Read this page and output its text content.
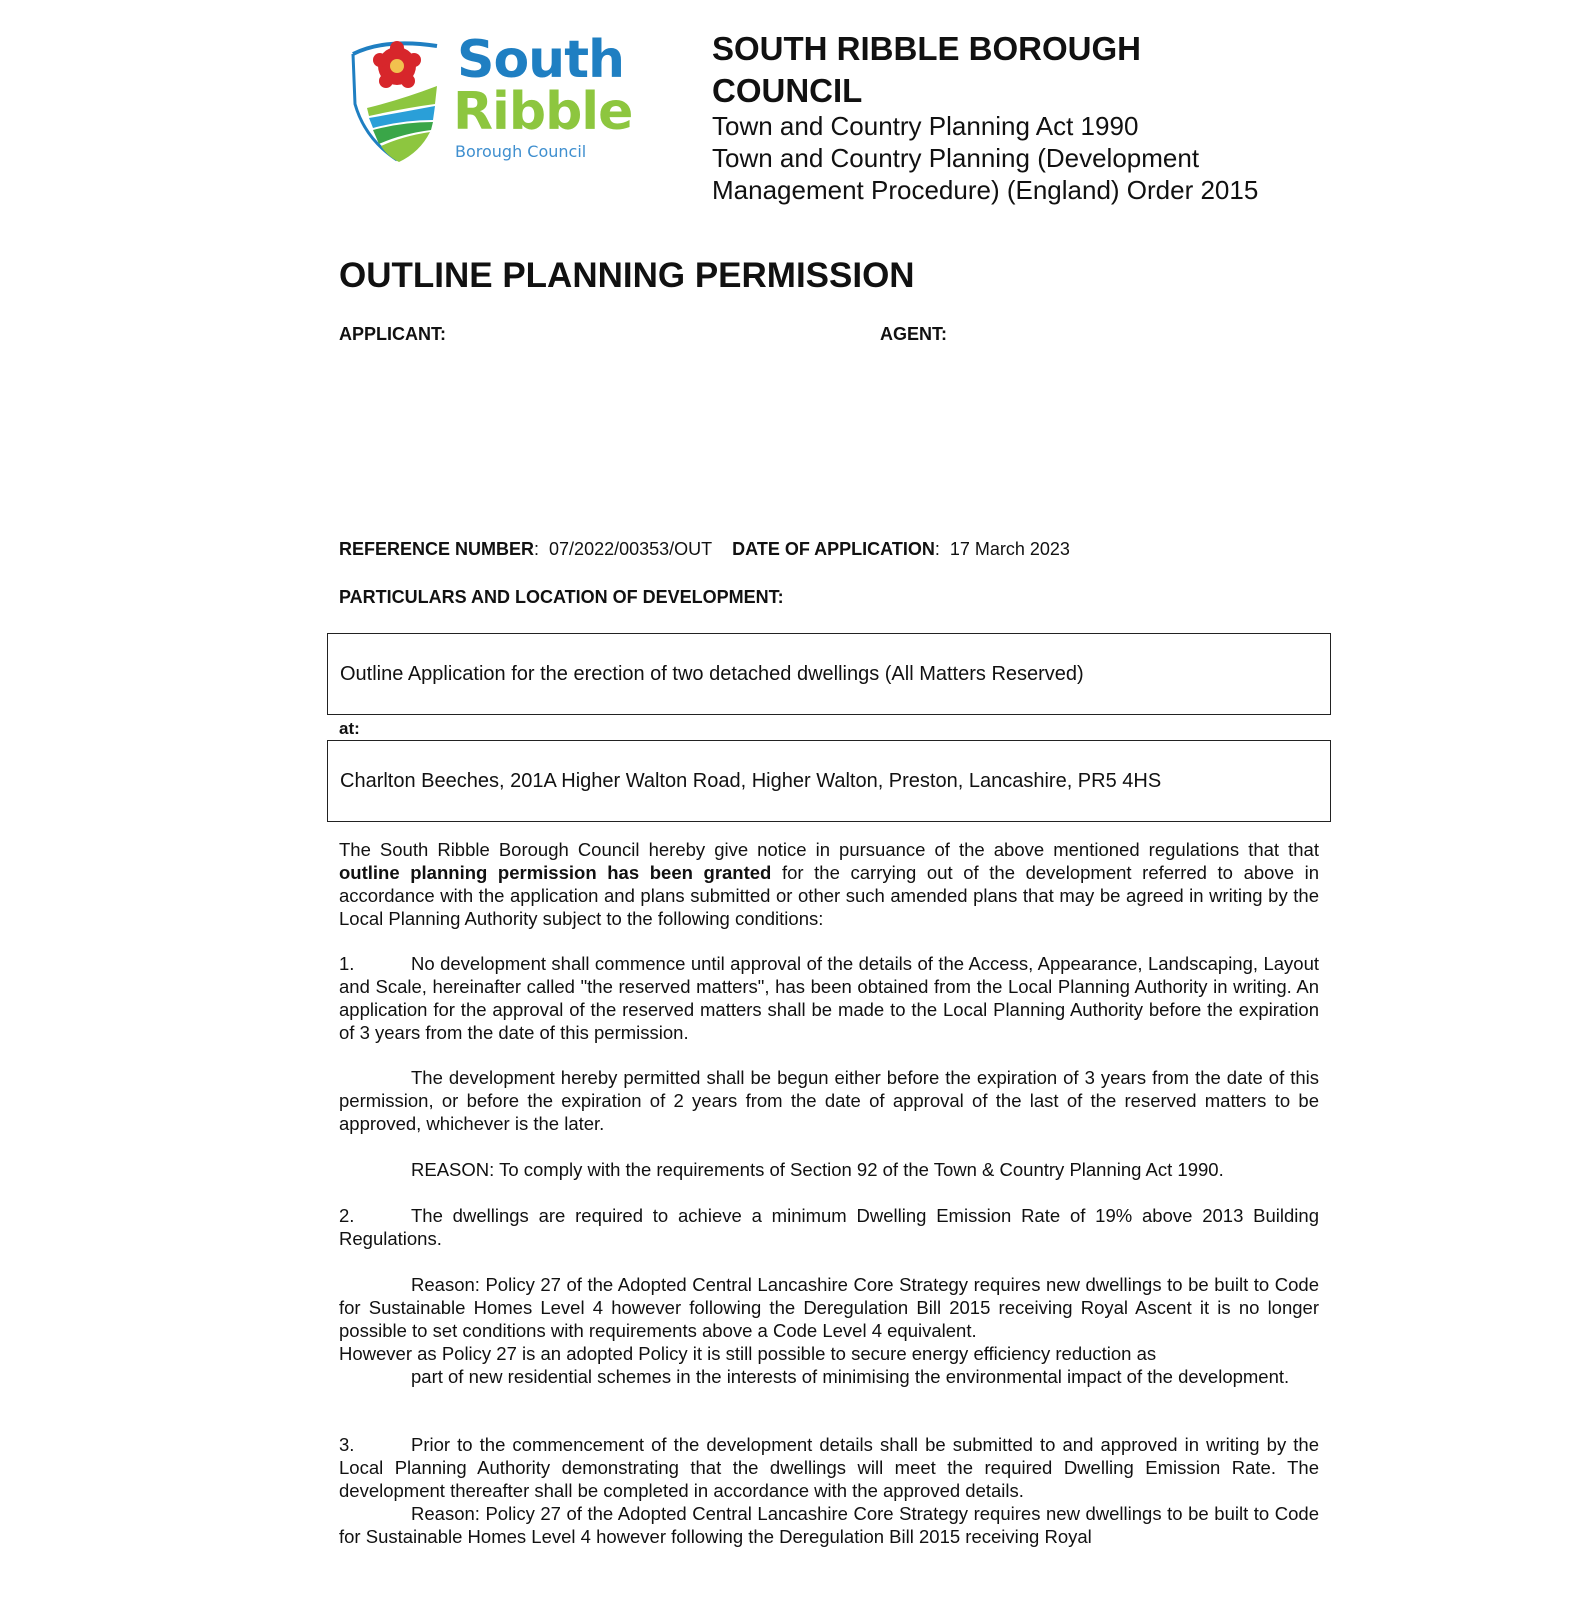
South
Ribble
Borough Council
SOUTH RIBBLE BOROUGH COUNCIL
Town and Country Planning Act 1990
Town and Country Planning (Development Management Procedure) (England) Order 2015
OUTLINE PLANNING PERMISSION
APPLICANT:	AGENT:
REFERENCE NUMBER:  07/2022/00353/OUT DATE OF APPLICATION:  17 March 2023
PARTICULARS AND LOCATION OF DEVELOPMENT:
Outline Application for the erection of two detached dwellings (All Matters Reserved)
at:
Charlton Beeches, 201A Higher Walton Road, Higher Walton, Preston, Lancashire, PR5 4HS
The South Ribble Borough Council hereby give notice in pursuance of the above mentioned regulations that that outline planning permission has been granted for the carrying out of the development referred to above in accordance with the application and plans submitted or other such amended plans that may be agreed in writing by the Local Planning Authority subject to the following conditions:
1.	No development shall commence until approval of the details of the Access, Appearance, Landscaping, Layout and Scale, hereinafter called "the reserved matters", has been obtained from the Local Planning Authority in writing. An application for the approval of the reserved matters shall be made to the Local Planning Authority before the expiration of 3 years from the date of this permission.
The development hereby permitted shall be begun either before the expiration of 3 years from the date of this permission, or before the expiration of 2 years from the date of approval of the last of the reserved matters to be approved, whichever is the later.
REASON: To comply with the requirements of Section 92 of the Town & Country Planning Act 1990.
2.	The dwellings are required to achieve a minimum Dwelling Emission Rate of 19% above 2013 Building Regulations.
Reason: Policy 27 of the Adopted Central Lancashire Core Strategy requires new dwellings to be built to Code for Sustainable Homes Level 4 however following the Deregulation Bill 2015 receiving Royal Ascent it is no longer possible to set conditions with requirements above a Code Level 4 equivalent.
However as Policy 27 is an adopted Policy it is still possible to secure energy efficiency reduction as
part of new residential schemes in the interests of minimising the environmental impact of the development.
3.	Prior to the commencement of the development details shall be submitted to and approved in writing by the Local Planning Authority demonstrating that the dwellings will meet the required Dwelling Emission Rate. The development thereafter shall be completed in accordance with the approved details.
Reason: Policy 27 of the Adopted Central Lancashire Core Strategy requires new dwellings to be built to Code for Sustainable Homes Level 4 however following the Deregulation Bill 2015 receiving Royal
